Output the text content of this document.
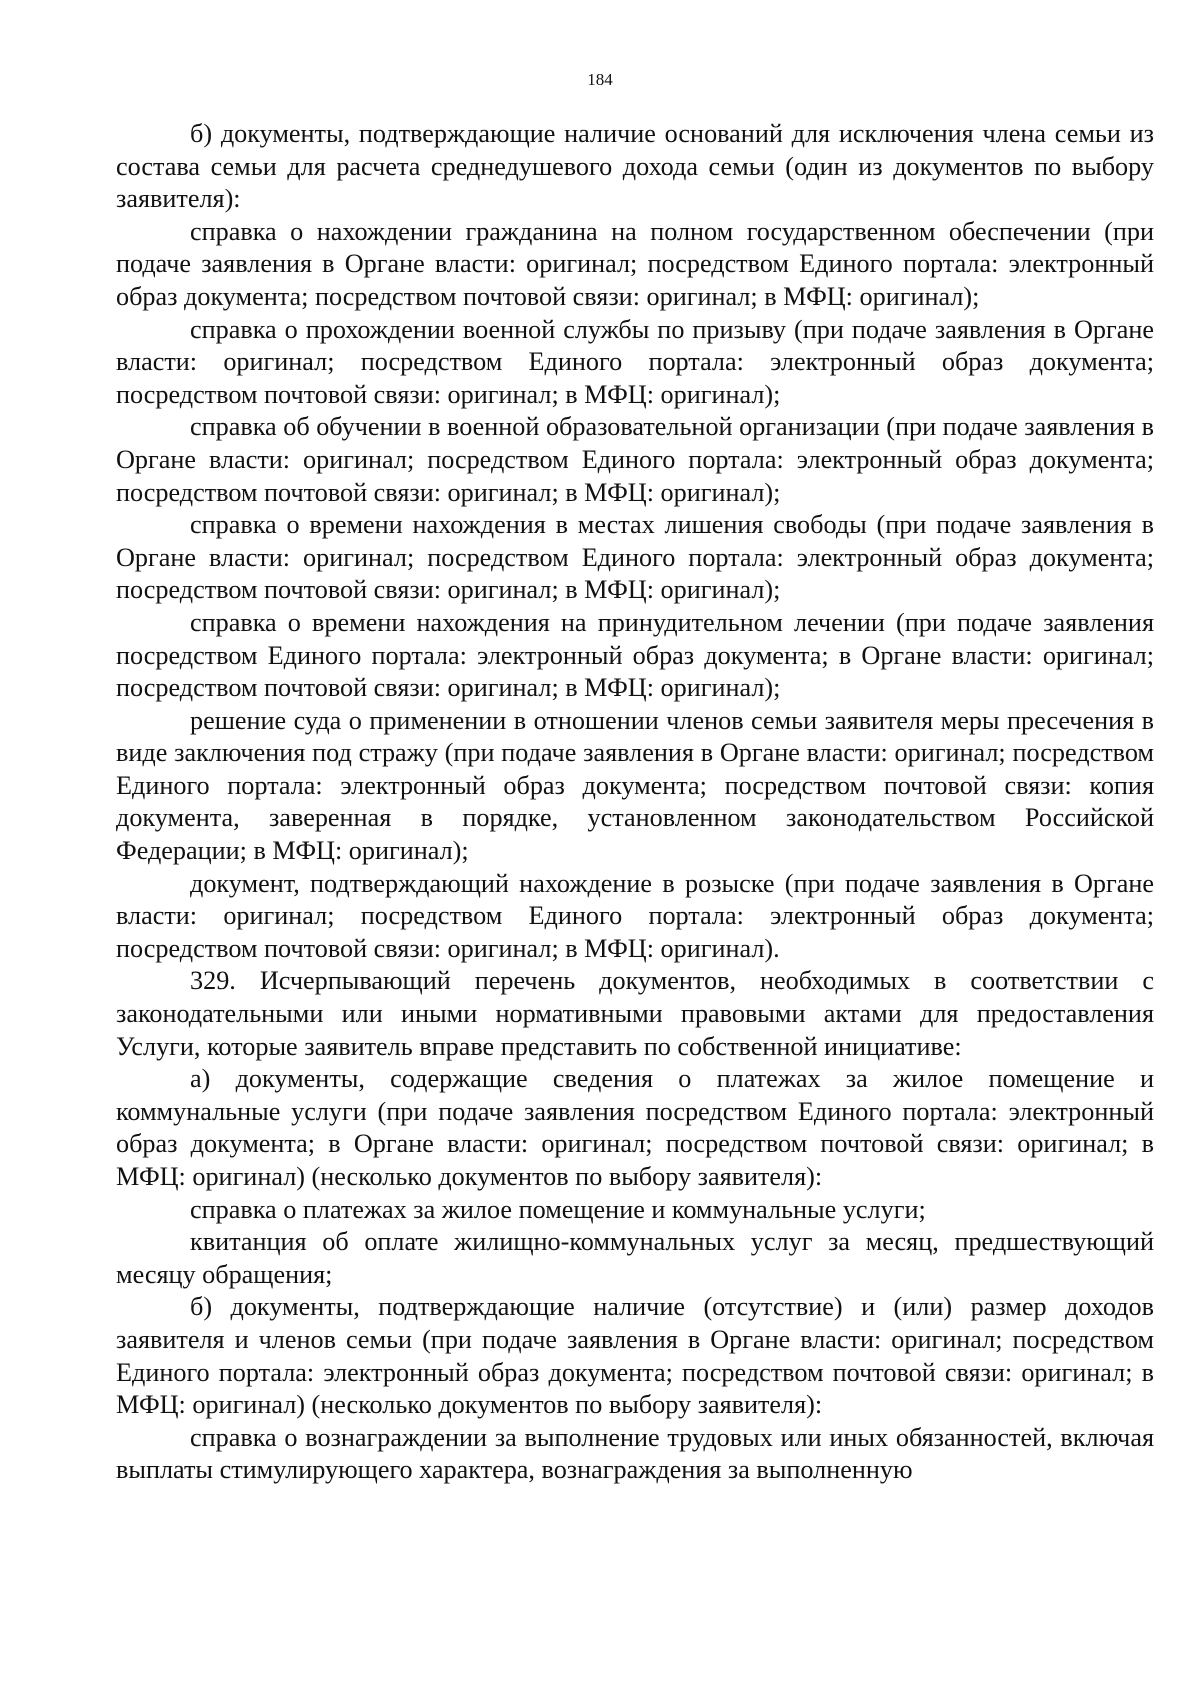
184

б) документы, подтверждающие наличие оснований для исключения члена семьи из состава семьи для расчета среднедушевого дохода семьи (один из документов по выбору заявителя):

справка о нахождении гражданина на полном государственном обеспечении (при подаче заявления в Органе власти: оригинал; посредством Единого портала: электронный образ документа; посредством почтовой связи: оригинал; в МФЦ: оригинал);

справка о прохождении военной службы по призыву (при подаче заявления в Органе власти: оригинал; посредством Единого портала: электронный образ документа; посредством почтовой связи: оригинал; в МФЦ: оригинал);

справка об обучении в военной образовательной организации (при подаче заявления в Органе власти: оригинал; посредством Единого портала: электронный образ документа; посредством почтовой связи: оригинал; в МФЦ: оригинал);

справка о времени нахождения в местах лишения свободы (при подаче заявления в Органе власти: оригинал; посредством Единого портала: электронный образ документа; посредством почтовой связи: оригинал; в МФЦ: оригинал);

справка о времени нахождения на принудительном лечении (при подаче заявления посредством Единого портала: электронный образ документа; в Органе власти: оригинал; посредством почтовой связи: оригинал; в МФЦ: оригинал);

решение суда о применении в отношении членов семьи заявителя меры пресечения в виде заключения под стражу (при подаче заявления в Органе власти: оригинал; посредством Единого портала: электронный образ документа; посредством почтовой связи: копия документа, заверенная в порядке, установленном законодательством Российской Федерации; в МФЦ: оригинал);

документ, подтверждающий нахождение в розыске (при подаче заявления в Органе власти: оригинал; посредством Единого портала: электронный образ документа; посредством почтовой связи: оригинал; в МФЦ: оригинал).

329. Исчерпывающий перечень документов, необходимых в соответствии с законодательными или иными нормативными правовыми актами для предоставления Услуги, которые заявитель вправе представить по собственной инициативе:

а) документы, содержащие сведения о платежах за жилое помещение и коммунальные услуги (при подаче заявления посредством Единого портала: электронный образ документа; в Органе власти: оригинал; посредством почтовой связи: оригинал; в МФЦ: оригинал) (несколько документов по выбору заявителя):

справка о платежах за жилое помещение и коммунальные услуги;

квитанция об оплате жилищно-коммунальных услуг за месяц, предшествующий месяцу обращения;

б) документы, подтверждающие наличие (отсутствие) и (или) размер доходов заявителя и членов семьи (при подаче заявления в Органе власти: оригинал; посредством Единого портала: электронный образ документа; посредством почтовой связи: оригинал; в МФЦ: оригинал) (несколько документов по выбору заявителя):

справка о вознаграждении за выполнение трудовых или иных обязанностей, включая выплаты стимулирующего характера, вознаграждения за выполненную
